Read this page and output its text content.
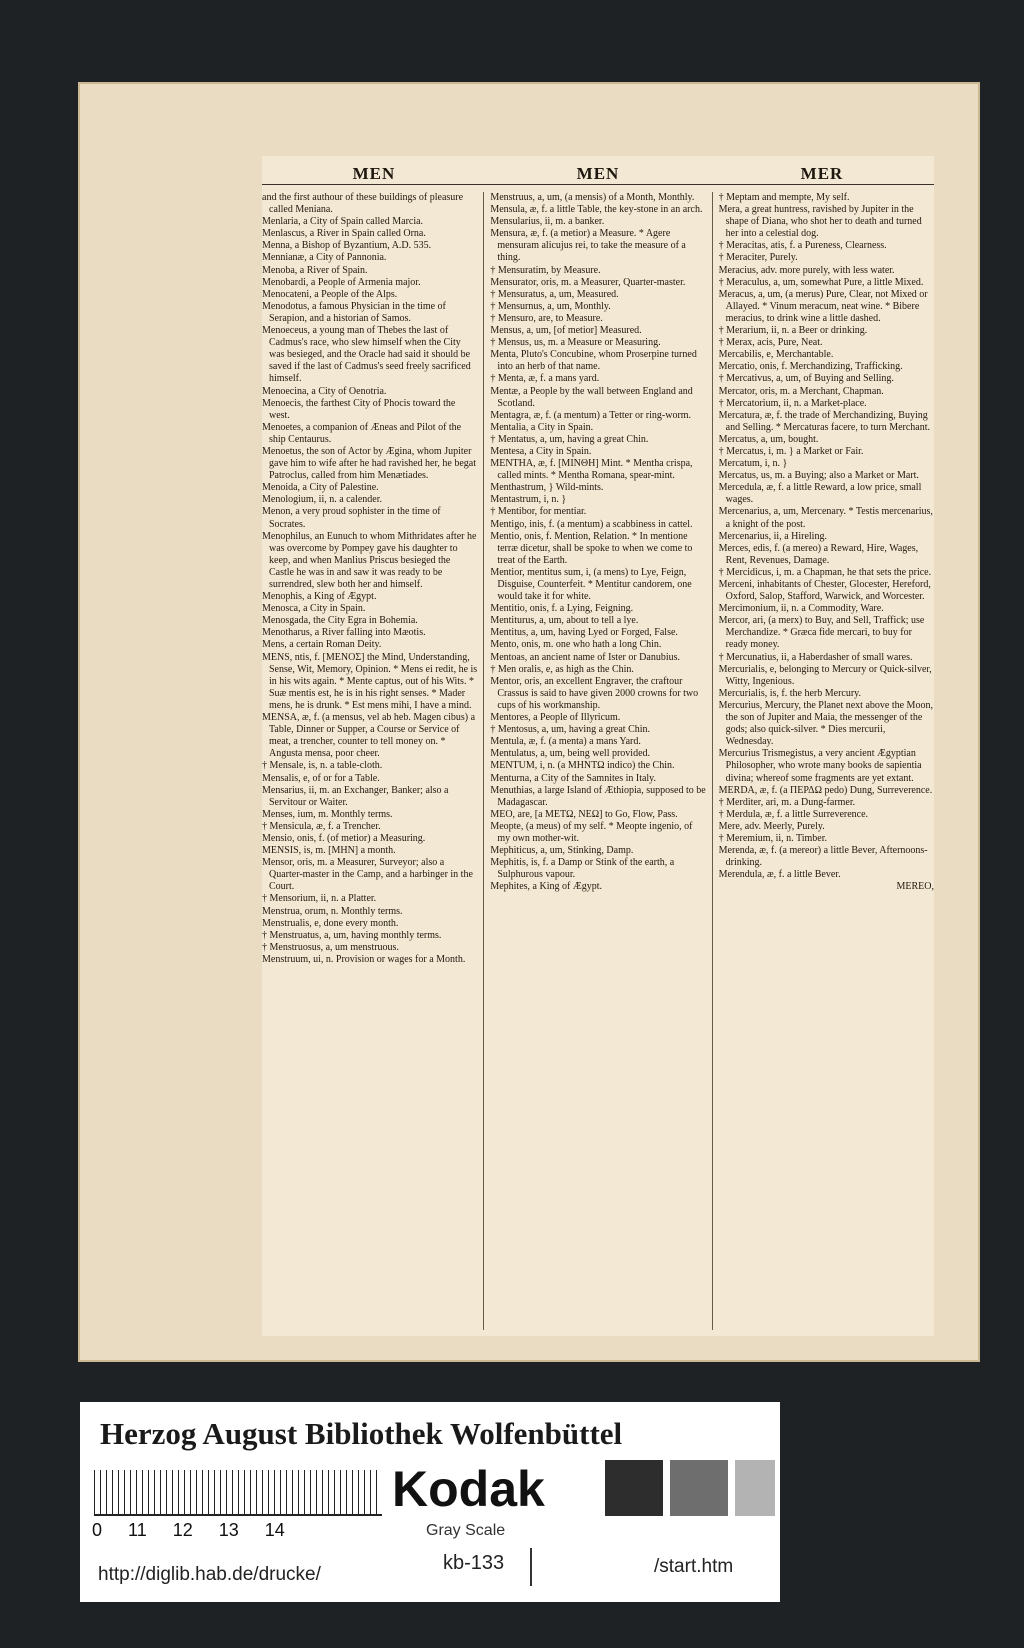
MEN	MEN	MER

and the first authour of these buildings of pleasure called Meniana.

Menlaria, a City of Spain called Marcia.

Menlascus, a River in Spain called Orna.

Menna, a Bishop of Byzantium, A.D. 535.

Mennianæ, a City of Pannonia.

Menoba, a River of Spain.

Menobardi, a People of Armenia major.

Menocateni, a People of the Alps.

Menodotus, a famous Physician in the time of Serapion, and a historian of Samos.

Menoeceus, a young man of Thebes the last of Cadmus's race, who slew himself when the City was besieged, and the Oracle had said it should be saved if the last of Cadmus's seed freely sacrificed himself.

Menoecina, a City of Oenotria.

Menoecis, the farthest City of Phocis toward the west.

Menoetes, a companion of Æneas and Pilot of the ship Centaurus.

Menoetus, the son of Actor by Ægina, whom Jupiter gave him to wife after he had ravished her, he begat Patroclus, called from him Menætiades.

Menoida, a City of Palestine.

Menologium, ii, n. a calender.

Menon, a very proud sophister in the time of Socrates.

Menophilus, an Eunuch to whom Mithridates after he was overcome by Pompey gave his daughter to keep, and when Manlius Priscus besieged the Castle he was in and saw it was ready to be surrendred, slew both her and himself.

Menophis, a King of Ægypt.

Menosca, a City in Spain.

Menosgada, the City Egra in Bohemia.

Menotharus, a River falling into Mæotis.

Mens, a certain Roman Deity.

MENS, ntis, f. [ΜΕΝΟΣ] the Mind, Understanding, Sense, Wit, Memory, Opinion. * Mens ei redit, he is in his wits again. * Mente captus, out of his Wits. * Suæ mentis est, he is in his right senses. * Mader mens, he is drunk. * Est mens mihi, I have a mind.

MENSA, æ, f. (a mensus, vel ab heb. Magen cibus) a Table, Dinner or Supper, a Course or Service of meat, a trencher, counter to tell money on. * Angusta mensa, poor cheer.

† Mensale, is, n. a table-cloth.

Mensalis, e, of or for a Table.

Mensarius, ii, m. an Exchanger, Banker; also a Servitour or Waiter.

Menses, ium, m. Monthly terms.

† Mensicula, æ, f. a Trencher.

Mensio, onis, f. (of metior) a Measuring.

MENSIS, is, m. [ΜΗΝ] a month.

Mensor, oris, m. a Measurer, Surveyor; also a Quarter-master in the Camp, and a harbinger in the Court.

† Mensorium, ii, n. a Platter.

Menstrua, orum, n. Monthly terms.

Menstrualis, e, done every month.

† Menstruatus, a, um, having monthly terms.

† Menstruosus, a, um menstruous.

Menstruum, ui, n. Provision or wages for a Month.

Menstruus, a, um, (a mensis) of a Month, Monthly.

Mensula, æ, f. a little Table, the key-stone in an arch.

Mensularius, ii, m. a banker.

Mensura, æ, f. (a metior) a Measure. * Agere mensuram alicujus rei, to take the measure of a thing.

† Mensuratim, by Measure.

Mensurator, oris, m. a Measurer, Quarter-master.

† Mensuratus, a, um, Measured.

† Mensurnus, a, um, Monthly.

† Mensuro, are, to Measure.

Mensus, a, um, [of metior] Measured.

† Mensus, us, m. a Measure or Measuring.

Menta, Pluto's Concubine, whom Proserpine turned into an herb of that name.

† Menta, æ, f. a mans yard.

Mentæ, a People by the wall between England and Scotland.

Mentagra, æ, f. (a mentum) a Tetter or ring-worm.

Mentalia, a City in Spain.

† Mentatus, a, um, having a great Chin.

Mentesa, a City in Spain.

MENTHA, æ, f. [ΜΙΝΘΗ] Mint. * Mentha crispa, called mints. * Mentha Romana, spear-mint.

Menthastrum, } Wild-mints.

Mentastrum, i, n. }

† Mentibor, for mentiar.

Mentigo, inis, f. (a mentum) a scabbiness in cattel.

Mentio, onis, f. Mention, Relation. * In mentione terræ dicetur, shall be spoke to when we come to treat of the Earth.

Mentior, mentitus sum, i, (a mens) to Lye, Feign, Disguise, Counterfeit. * Mentitur candorem, one would take it for white.

Mentitio, onis, f. a Lying, Feigning.

Mentiturus, a, um, about to tell a lye.

Mentitus, a, um, having Lyed or Forged, False.

Mento, onis, m. one who hath a long Chin.

Mentoas, an ancient name of Ister or Danubius.

† Men oralis, e, as high as the Chin.

Mentor, oris, an excellent Engraver, the craftour Crassus is said to have given 2000 crowns for two cups of his workmanship.

Mentores, a People of Illyricum.

† Mentosus, a, um, having a great Chin.

Mentula, æ, f. (a menta) a mans Yard.

Mentulatus, a, um, being well provided.

MENTUM, i, n. (a ΜΗΝΤΩ indico) the Chin.

Menturna, a City of the Samnites in Italy.

Menuthias, a large Island of Æthiopia, supposed to be Madagascar.

MEO, are, [a ΜΕΤΩ, ΝΕΩ] to Go, Flow, Pass.

Meopte, (a meus) of my self. * Meopte ingenio, of my own mother-wit.

Mephiticus, a, um, Stinking, Damp.

Mephitis, is, f. a Damp or Stink of the earth, a Sulphurous vapour.

Mephites, a King of Ægypt.

† Meptam and mempte, My self.

Mera, a great huntress, ravished by Jupiter in the shape of Diana, who shot her to death and turned her into a celestial dog.

† Meracitas, atis, f. a Pureness, Clearness.

† Meraciter, Purely.

Meracius, adv. more purely, with less water.

† Meraculus, a, um, somewhat Pure, a little Mixed.

Meracus, a, um, (a merus) Pure, Clear, not Mixed or Allayed. * Vinum meracum, neat wine. * Bibere meracius, to drink wine a little dashed.

† Merarium, ii, n. a Beer or drinking.

† Merax, acis, Pure, Neat.

Mercabilis, e, Merchantable.

Mercatio, onis, f. Merchandizing, Trafficking.

† Mercativus, a, um, of Buying and Selling.

Mercator, oris, m. a Merchant, Chapman.

† Mercatorium, ii, n. a Market-place.

Mercatura, æ, f. the trade of Merchandizing, Buying and Selling. * Mercaturas facere, to turn Merchant.

Mercatus, a, um, bought.

† Mercatus, i, m. } a Market or Fair.

Mercatum, i, n. }

Mercatus, us, m. a Buying; also a Market or Mart.

Mercedula, æ, f. a little Reward, a low price, small wages.

Mercenarius, a, um, Mercenary. * Testis mercenarius, a knight of the post.

Mercenarius, ii, a Hireling.

Merces, edis, f. (a mereo) a Reward, Hire, Wages, Rent, Revenues, Damage.

† Mercidicus, i, m. a Chapman, he that sets the price.

Merceni, inhabitants of Chester, Glocester, Hereford, Oxford, Salop, Stafford, Warwick, and Worcester.

Mercimonium, ii, n. a Commodity, Ware.

Mercor, ari, (a merx) to Buy, and Sell, Traffick; use Merchandize. * Græca fide mercari, to buy for ready money.

† Mercunatius, ii, a Haberdasher of small wares.

Mercurialis, e, belonging to Mercury or Quick-silver, Witty, Ingenious.

Mercurialis, is, f. the herb Mercury.

Mercurius, Mercury, the Planet next above the Moon, the son of Jupiter and Maia, the messenger of the gods; also quick-silver. * Dies mercurii, Wednesday.

Mercurius Trismegistus, a very ancient Ægyptian Philosopher, who wrote many books de sapientia divina; whereof some fragments are yet extant.

MERDA, æ, f. (a ΠΕΡΔΩ pedo) Dung, Surreverence.

† Merditer, ari, m. a Dung-farmer.

† Merdula, æ, f. a little Surreverence.

Mere, adv. Meerly, Purely.

† Meremium, ii, n. Timber.

Merenda, æ, f. (a mereor) a little Bever, Afternoons-drinking.

Merendula, æ, f. a little Bever.

MEREO,

Herzog August Bibliothek Wolfenbüttel
0 11 12 13 14
Kodak
Gray Scale
http://diglib.hab.de/drucke/
kb-133	/start.htm
